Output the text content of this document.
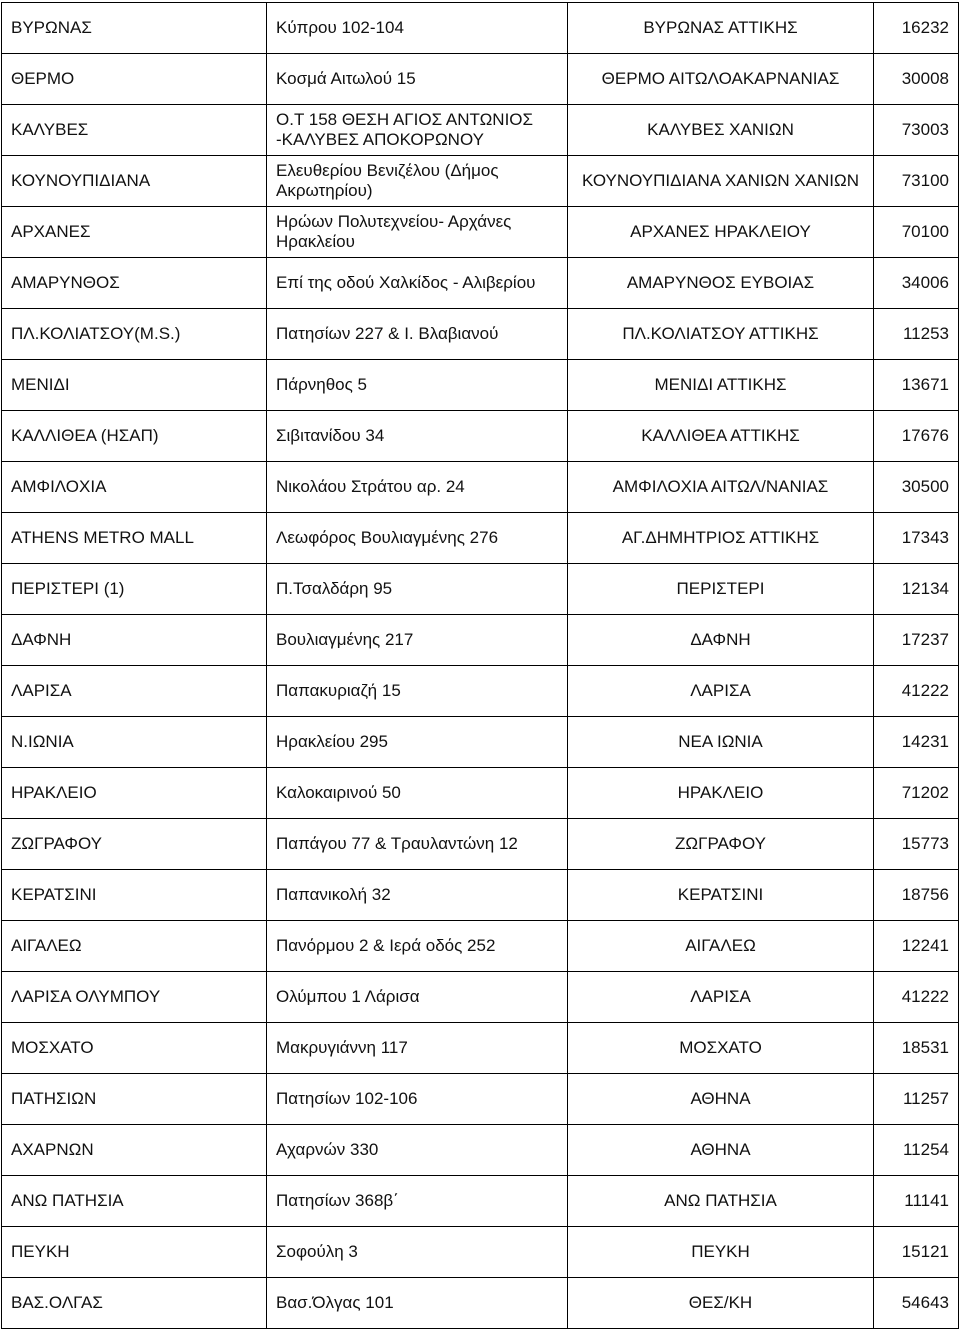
ΒΥΡΩΝΑΣ	Κύπρου 102-104	ΒΥΡΩΝΑΣ ΑΤΤΙΚΗΣ	16232
ΘΕΡΜΟ	Κοσμά Αιτωλού 15	ΘΕΡΜΟ ΑΙΤΩΛΟΑΚΑΡΝΑΝΙΑΣ	30008
ΚΑΛΥΒΕΣ	Ο.Τ 158 ΘΕΣΗ ΑΓΙΟΣ ΑΝΤΩΝΙΟΣ -ΚΑΛΥΒΕΣ ΑΠΟΚΟΡΩΝΟΥ	ΚΑΛΥΒΕΣ ΧΑΝΙΩΝ	73003
ΚΟΥΝΟΥΠΙΔΙΑΝΑ	Ελευθερίου Βενιζέλου (Δήμος Ακρωτηρίου)	ΚΟΥΝΟΥΠΙΔΙΑΝΑ ΧΑΝΙΩΝ ΧΑΝΙΩΝ	73100
ΑΡΧΑΝΕΣ	Ηρώων Πολυτεχνείου- Αρχάνες Ηρακλείου	ΑΡΧΑΝΕΣ ΗΡΑΚΛΕΙΟΥ	70100
ΑΜΑΡΥΝΘΟΣ	Επί της οδού Χαλκίδος - Αλιβερίου	ΑΜΑΡΥΝΘΟΣ ΕΥΒΟΙΑΣ	34006
ΠΛ.ΚΟΛΙΑΤΣΟΥ(Μ.S.)	Πατησίων 227 & Ι. Βλαβιανού	ΠΛ.ΚΟΛΙΑΤΣΟΥ ΑΤΤΙΚΗΣ	11253
ΜΕΝΙΔΙ	Πάρνηθος 5	ΜΕΝΙΔΙ ΑΤΤΙΚΗΣ	13671
ΚΑΛΛΙΘΕΑ (ΗΣΑΠ)	Σιβιτανίδου 34	ΚΑΛΛΙΘΕΑ ΑΤΤΙΚΗΣ	17676
ΑΜΦΙΛΟΧΙΑ	Νικολάου Στράτου αρ. 24	ΑΜΦΙΛΟΧΙΑ ΑΙΤΩΛ/ΝΑΝΙΑΣ	30500
ATHENS METRO MALL	Λεωφόρος Βουλιαγμένης 276	ΑΓ.ΔΗΜΗΤΡΙΟΣ ΑΤΤΙΚΗΣ	17343
ΠΕΡΙΣΤΕΡΙ (1)	Π.Τσαλδάρη 95	ΠΕΡΙΣΤΕΡΙ	12134
ΔΑΦΝΗ	Βουλιαγμένης 217	ΔΑΦΝΗ	17237
ΛΑΡΙΣΑ	Παπακυριαζή 15	ΛΑΡΙΣΑ	41222
Ν.ΙΩΝΙΑ	Ηρακλείου 295	ΝΕΑ ΙΩΝΙΑ	14231
ΗΡΑΚΛΕΙΟ	Καλοκαιρινού 50	ΗΡΑΚΛΕΙΟ	71202
ΖΩΓΡΑΦΟΥ	Παπάγου 77 & Τραυλαντώνη 12	ΖΩΓΡΑΦΟΥ	15773
ΚΕΡΑΤΣΙΝΙ	Παπανικολή 32	ΚΕΡΑΤΣΙΝΙ	18756
ΑΙΓΑΛΕΩ	Πανόρμου 2 & Ιερά οδός 252	ΑΙΓΑΛΕΩ	12241
ΛΑΡΙΣΑ ΟΛΥΜΠΟΥ	Ολύμπου 1 Λάρισα	ΛΑΡΙΣΑ	41222
ΜΟΣΧΑΤΟ	Μακρυγιάννη 117	ΜΟΣΧΑΤΟ	18531
ΠΑΤΗΣΙΩΝ	Πατησίων 102-106	ΑΘΗΝΑ	11257
ΑΧΑΡΝΩΝ	Αχαρνών 330	ΑΘΗΝΑ	11254
ΑΝΩ ΠΑΤΗΣΙΑ	Πατησίων 368β΄	ΑΝΩ ΠΑΤΗΣΙΑ	11141
ΠΕΥΚΗ	Σοφούλη 3	ΠΕΥΚΗ	15121
ΒΑΣ.ΟΛΓΑΣ	Βασ.Όλγας 101	ΘΕΣ/ΚΗ	54643
